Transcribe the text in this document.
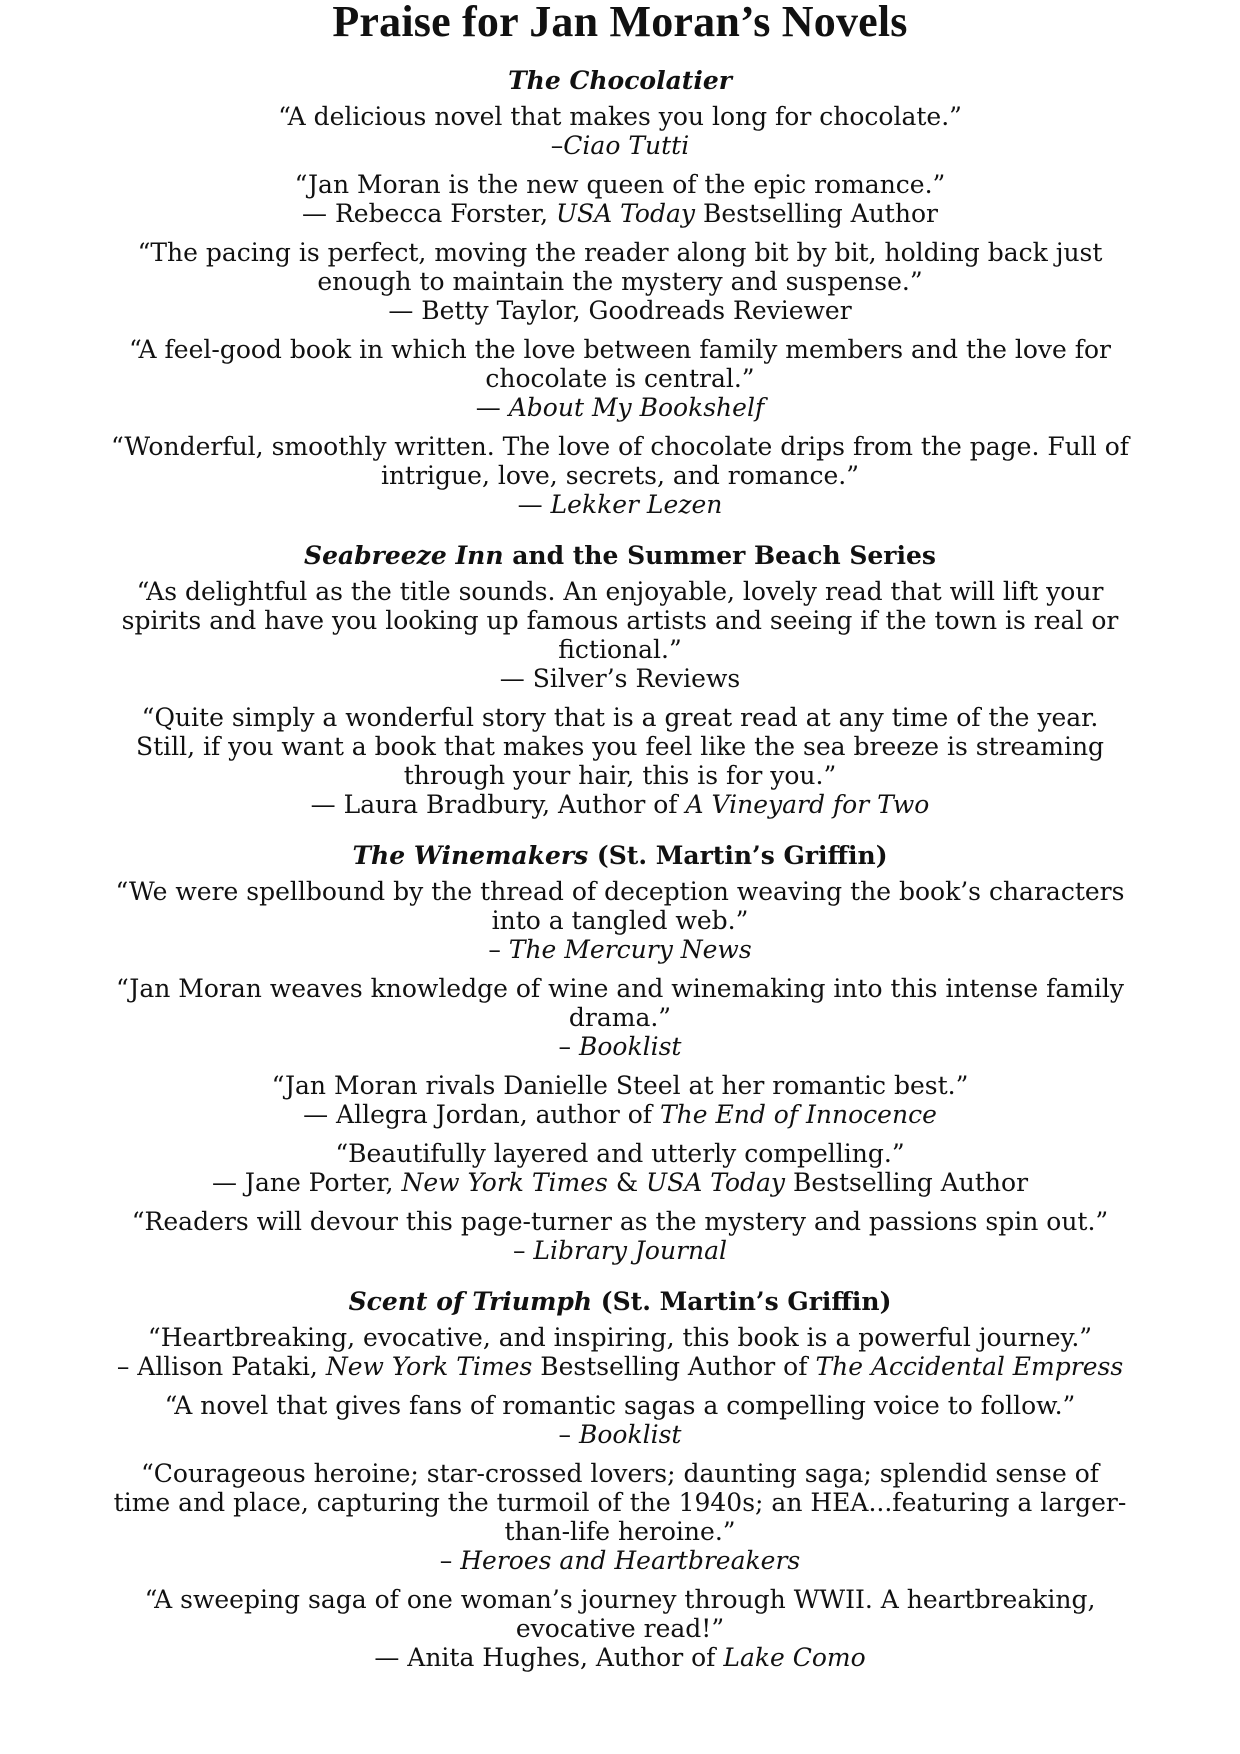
Praise for Jan Moran’s Novels
The Chocolatier

“A delicious novel that makes you long for chocolate.”

–Ciao Tutti

“Jan Moran is the new queen of the epic romance.”

— Rebecca Forster, USA Today Bestselling Author

“The pacing is perfect, moving the reader along bit by bit, holding back just enough to maintain the mystery and suspense.”

— Betty Taylor, Goodreads Reviewer

“A feel-good book in which the love between family members and the love for chocolate is central.”

— About My Bookshelf

“Wonderful, smoothly written. The love of chocolate drips from the page. Full of intrigue, love, secrets, and romance.”

— Lekker Lezen

Seabreeze Inn and the Summer Beach Series

“As delightful as the title sounds. An enjoyable, lovely read that will lift your spirits and have you looking up famous artists and seeing if the town is real or fictional.”

— Silver’s Reviews

“Quite simply a wonderful story that is a great read at any time of the year. Still, if you want a book that makes you feel like the sea breeze is streaming through your hair, this is for you.”

— Laura Bradbury, Author of A Vineyard for Two

The Winemakers (St. Martin’s Griffin)

“We were spellbound by the thread of deception weaving the book’s characters into a tangled web.”

– The Mercury News

“Jan Moran weaves knowledge of wine and winemaking into this intense family drama.”

– Booklist

“Jan Moran rivals Danielle Steel at her romantic best.”

— Allegra Jordan, author of The End of Innocence

“Beautifully layered and utterly compelling.”

— Jane Porter, New York Times & USA Today Bestselling Author

“Readers will devour this page-turner as the mystery and passions spin out.”

– Library Journal

Scent of Triumph (St. Martin’s Griffin)

“Heartbreaking, evocative, and inspiring, this book is a powerful journey.”

– Allison Pataki, New York Times Bestselling Author of The Accidental Empress

“A novel that gives fans of romantic sagas a compelling voice to follow.”

– Booklist

“Courageous heroine; star-crossed lovers; daunting saga; splendid sense of time and place, capturing the turmoil of the 1940s; an HEA...featuring a larger-than-life heroine.”

– Heroes and Heartbreakers

“A sweeping saga of one woman’s journey through WWII. A heartbreaking, evocative read!”

— Anita Hughes, Author of Lake Como
